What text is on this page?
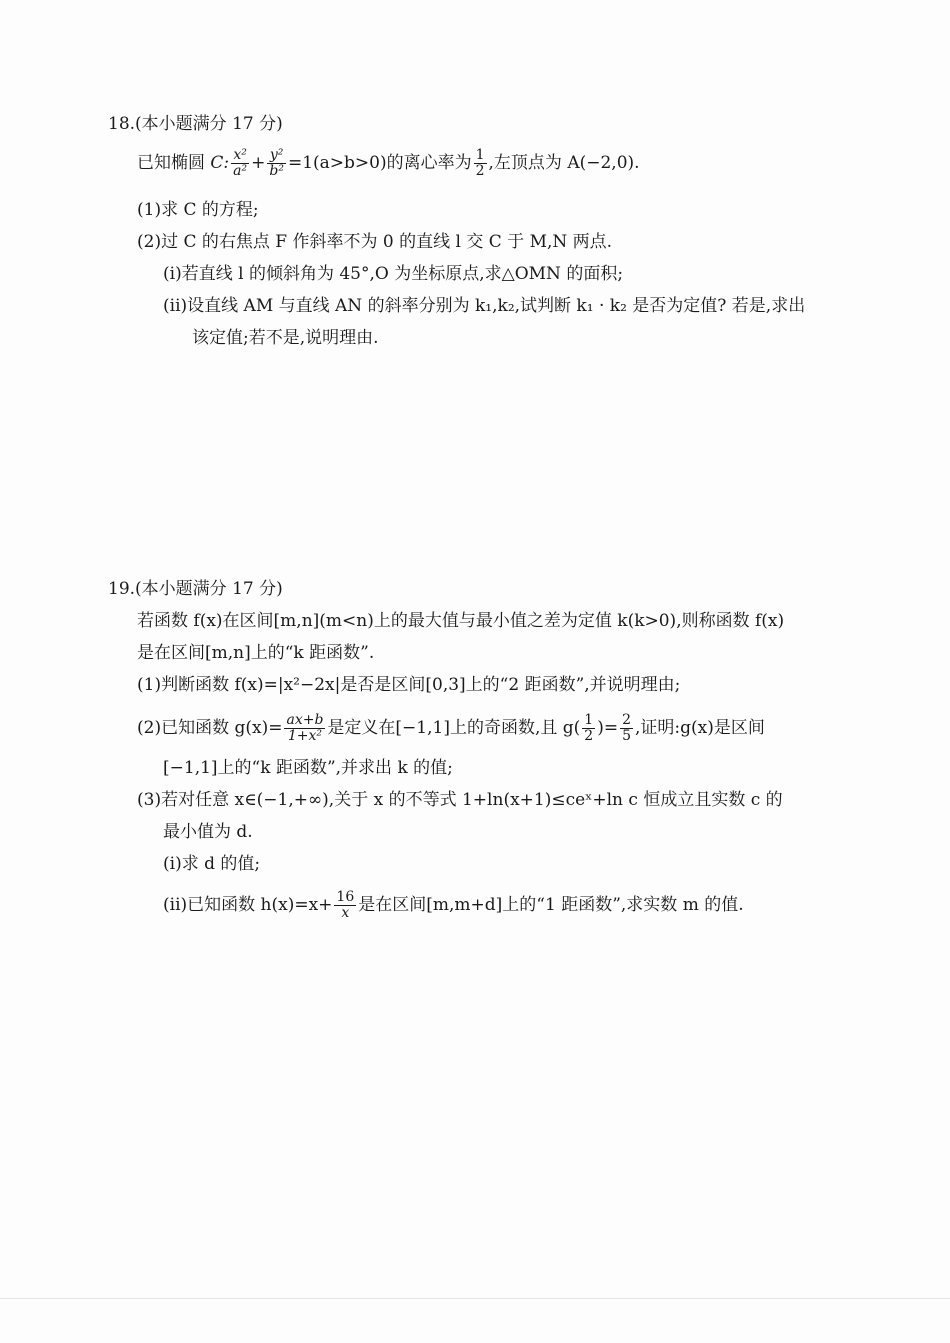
18.(本小题满分 17 分)
已知椭圆 C: $\frac{\text{x²}}{\text{a²}} + \frac{\text{y²}}{\text{b²}} =1(a>b>0)$的离心率为 $\frac{1}{2}$ ,左顶点为 A(−2,0).
(1)求 C 的方程;
(2)过 C 的右焦点 F 作斜率不为 0 的直线 l 交 C 于 M,N 两点.
(i)若直线 l 的倾斜角为 45°,O 为坐标原点,求△OMN 的面积;
(ii)设直线 AM 与直线 AN 的斜率分别为 k₁,k₂,试判断 k₁ · k₂ 是否为定值? 若是,求出
该定值;若不是,说明理由.
19.(本小题满分 17 分)
若函数 f(x)在区间[m,n](m<n)上的最大值与最小值之差为定值 k(k>0),则称函数 f(x)
是在区间[m,n]上的“k 距函数”.
(1)判断函数 f(x)=|x²−2x|是否是区间[0,3]上的“2 距函数”,并说明理由;
(2)已知函数 $g(x)= \frac{ax+b}{\text{1+x²}}$ 是定义在[−1,1]上的奇函数,且 $g( \frac{1}{2}$ )= $\frac{2}{5}$ ,证明:g(x)是区间
[−1,1]上的“k 距函数”,并求出 k 的值;
(3)若对任意 x∈(−1,+∞),关于 x 的不等式 1+ln(x+1)≤ceˣ+ln c 恒成立且实数 c 的
最小值为 d.
(i)求 d 的值;
(ii)已知函数 $h(x)=x+ \frac{16}{x}$ 是在区间[m,m+d]上的“1 距函数”,求实数 m 的值.
